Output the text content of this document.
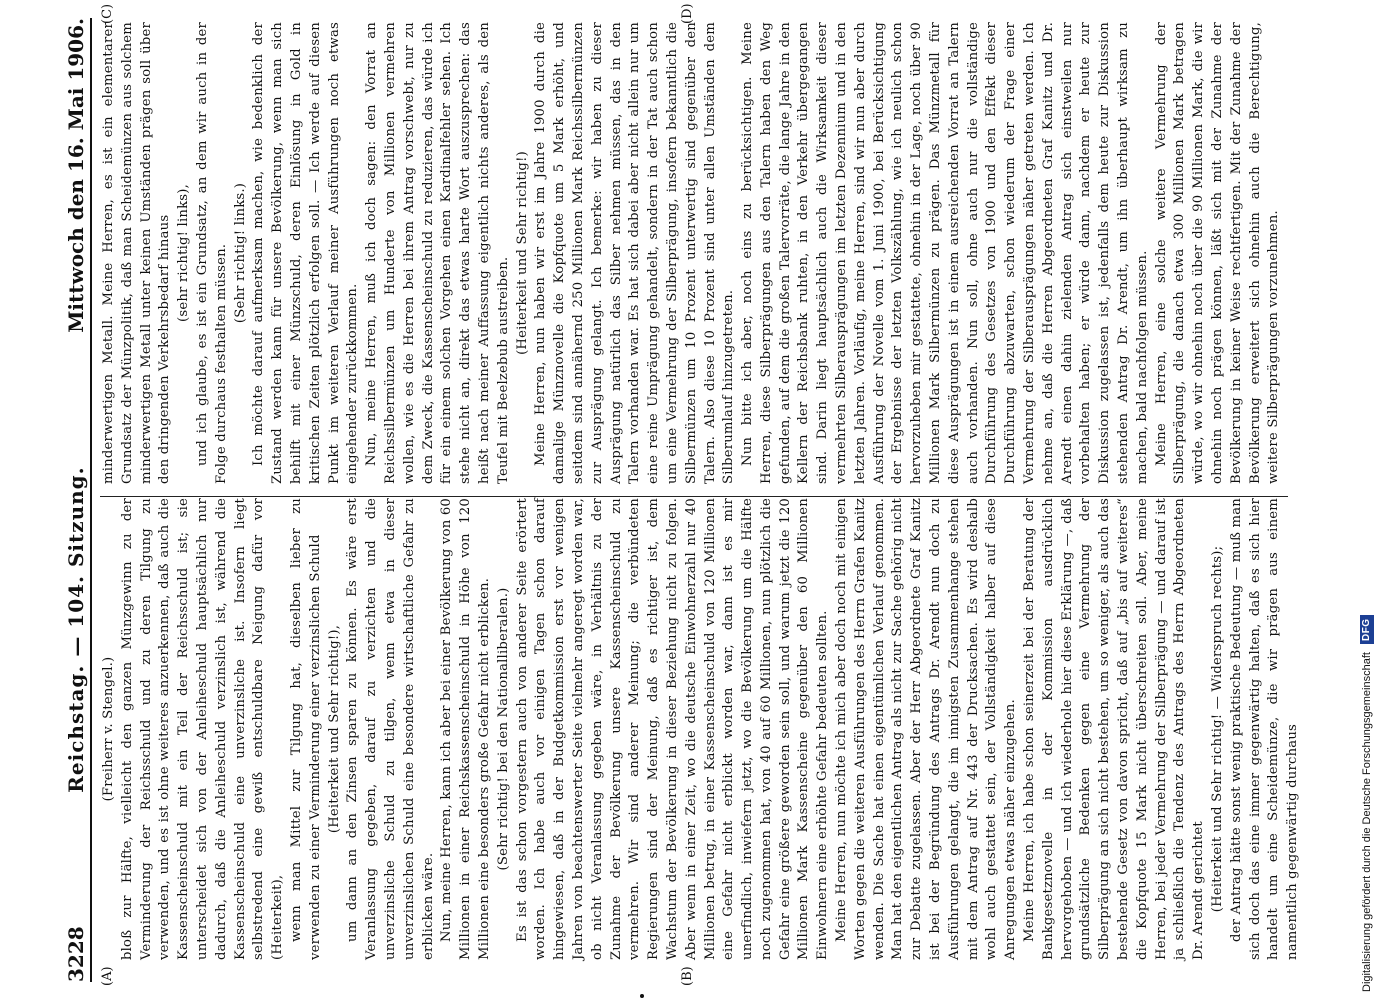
3228
Reichstag. — 104. Sitzung.
Mittwoch den 16. Mai 1906.
(A)	(B)
(C)	(D)

(Freiherr v. Stengel.) bloß zur Hälfte, vielleicht den ganzen Münzgewinn zu der Verminderung der Reichsschuld und zu deren Tilgung zu verwenden, und es ist ohne weiteres anzuerkennen, daß auch die Kassenscheinschuld mit ein Teil der Reichsschuld ist; sie unterscheidet sich von der Anleiheschuld hauptsächlich nur dadurch, daß die Anleiheschuld verzinslich ist, während die Kassenscheinschuld eine unverzinsliche ist. Insofern liegt selbstredend eine gewiß entschuldbare Neigung dafür vor (Heiterkeit), wenn man Mittel zur Tilgung hat, dieselben lieber zu verwenden zu einer Verminderung einer verzinslichen Schuld (Heiterkeit und Sehr richtig!), um dann an den Zinsen sparen zu können. Es wäre erst Veranlassung gegeben, darauf zu verzichten und die unverzinsliche Schuld zu tilgen, wenn etwa in dieser unverzinslichen Schuld eine besondere wirtschaftliche Gefahr zu erblicken wäre. Nun, meine Herren, kann ich aber bei einer Bevölkerung von 60 Millionen in einer Reichskassenscheinschuld in Höhe von 120 Millionen eine besonders große Gefahr nicht erblicken. (Sehr richtig! bei den Nationalliberalen.) Es ist das schon vorgestern auch von anderer Seite erörtert worden. Ich habe auch vor einigen Tagen schon darauf hingewiesen, daß in der Budgetkommission erst vor wenigen Jahren von beachtenswerter Seite vielmehr angeregt worden war, ob nicht Veranlassung gegeben wäre, in Verhältnis zu der Zunahme der Bevölkerung unsere Kassenscheinschuld zu vermehren. Wir sind anderer Meinung; die verbündeten Regierungen sind der Meinung, daß es richtiger ist, dem Wachstum der Bevölkerung in dieser Beziehung nicht zu folgen. Aber wenn in einer Zeit, wo die deutsche Einwohnerzahl nur 40 Millionen betrug, in einer Kassenscheinschuld von 120 Millionen eine Gefahr nicht erblickt worden war, dann ist es mir unerfindlich, inwiefern jetzt, wo die Bevölkerung um die Hälfte noch zugenommen hat, von 40 auf 60 Millionen, nun plötzlich die Gefahr eine größere geworden sein soll, und warum jetzt die 120 Millionen Mark Kassenscheine gegenüber den 60 Millionen Einwohnern eine erhöhte Gefahr bedeuten sollten. Meine Herren, nun möchte ich mich aber doch noch mit einigen Worten gegen die weiteren Ausführungen des Herrn Grafen Kanitz wenden. Die Sache hat einen eigentümlichen Verlauf genommen. Man hat den eigentlichen Antrag als nicht zur Sache gehörig nicht zur Debatte zugelassen. Aber der Herr Abgeordnete Graf Kanitz ist bei der Begründung des Antrags Dr. Arendt nun doch zu Ausführungen gelangt, die im innigsten Zusammenhange stehen mit dem Antrag auf Nr. 443 der Drucksachen. Es wird deshalb wohl auch gestattet sein, der Vollständigkeit halber auf diese Anregungen etwas näher einzugehen. Meine Herren, ich habe schon seinerzeit bei der Beratung der Bankgesetznovelle in der Kommission ausdrücklich hervorgehoben — und ich wiederhole hier diese Erklärung —, daß grundsätzliche Bedenken gegen eine Vermehrung der Silberprägung an sich nicht bestehen, um so weniger, als auch das bestehende Gesetz von davon spricht, daß auf „bis auf weiteres“ die Kopfquote 15 Mark nicht überschreiten soll. Aber, meine Herren, bei jeder Vermehrung der Silberprägung — und darauf ist ja schließlich die Tendenz des Antrags des Herrn Abgeordneten Dr. Arendt gerichtet (Heiterkeit und Sehr richtig! — Widerspruch rechts); der Antrag hätte sonst wenig praktische Bedeutung — muß man sich doch das eine immer gegenwärtig halten, daß es sich hier handelt um eine Scheidemünze, die wir prägen aus einem namentlich gegenwärtig durchaus

minderwertigen Metall. Meine Herren, es ist ein elementarer Grundsatz der Münzpolitik, daß man Scheidemünzen aus solchem minderwertigen Metall unter keinen Umständen prägen soll über den dringenden Verkehrsbedarf hinaus (sehr richtig! links), und ich glaube, es ist ein Grundsatz, an dem wir auch in der Folge durchaus festhalten müssen. (Sehr richtig! links.) Ich möchte darauf aufmerksam machen, wie bedenklich der Zustand werden kann für unsere Bevölkerung, wenn man sich behilft mit einer Münzschuld, deren Einlösung in Gold in kritischen Zeiten plötzlich erfolgen soll. — Ich werde auf diesen Punkt im weiteren Verlauf meiner Ausführungen noch etwas eingehender zurückkommen. Nun, meine Herren, muß ich doch sagen: den Vorrat an Reichssilbermünzen um Hunderte von Millionen vermehren wollen, wie es die Herren bei ihrem Antrag vorschwebt, nur zu dem Zweck, die Kassenscheinschuld zu reduzieren, das würde ich für ein einem solchen Vorgehen einen Kardinalfehler sehen. Ich stehe nicht an, direkt das etwas harte Wort auszusprechen: das heißt nach meiner Auffassung eigentlich nichts anderes, als den Teufel mit Beelzebub austreiben.

(Heiterkeit und Sehr richtig!) Meine Herren, nun haben wir erst im Jahre 1900 durch die damalige Münznovelle die Kopfquote um 5 Mark erhöht, und seitdem sind annähernd 250 Millionen Mark Reichssilbermünzen zur Ausprägung gelangt. Ich bemerke: wir haben zu dieser Ausprägung natürlich das Silber nehmen müssen, das in den Talern vorhanden war. Es hat sich dabei aber nicht allein nur um eine reine Umprägung gehandelt, sondern in der Tat auch schon um eine Vermehrung der Silberprägung, insofern bekanntlich die Silbermünzen um 10 Prozent unterwertig sind gegenüber den Talern. Also diese 10 Prozent sind unter allen Umständen dem Silberumlauf hinzugetreten. Nun bitte ich aber, noch eins zu berücksichtigen. Meine Herren, diese Silberprägungen aus den Talern haben den Weg gefunden, auf dem die großen Talervorräte, die lange Jahre in den Kellern der Reichsbank ruhten, in den Verkehr übergegangen sind. Darin liegt hauptsächlich auch die Wirksamkeit dieser vermehrten Silberausprägungen im letzten Dezennium und in den letzten Jahren. Vorläufig, meine Herren, sind wir nun aber durch Ausführung der Novelle vom 1. Juni 1900, bei Berücksichtigung der Ergebnisse der letzten Volkszählung, wie ich neulich schon hervorzuheben mir gestattete, ohnehin in der Lage, noch über 90 Millionen Mark Silbermünzen zu prägen. Das Münzmetall für diese Ausprägungen ist in einem ausreichenden Vorrat an Talern auch vorhanden. Nun soll, ohne auch nur die vollständige Durchführung des Gesetzes von 1900 und den Effekt dieser Durchführung abzuwarten, schon wiederum der Frage einer Vermehrung der Silberausprägungen näher getreten werden. Ich nehme an, daß die Herren Abgeordneten Graf Kanitz und Dr. Arendt einen dahin zielenden Antrag sich einstweilen nur vorbehalten haben; er würde dann, nachdem er heute zur Diskussion zugelassen ist, jedenfalls dem heute zur Diskussion stehenden Antrag Dr. Arendt, um ihn überhaupt wirksam zu machen, bald nachfolgen müssen. Meine Herren, eine solche weitere Vermehrung der Silberprägung, die danach etwa 300 Millionen Mark betragen würde, wo wir ohnehin noch über die 90 Millionen Mark, die wir ohnehin noch prägen können, läßt sich mit der Zunahme der Bevölkerung in keiner Weise rechtfertigen. Mit der Zunahme der Bevölkerung erweitert sich ohnehin auch die Berechtigung, weitere Silberprägungen vorzunehmen.

Digitalisierung gefördert durch die Deutsche Forschungsgemeinschaft
DFG
